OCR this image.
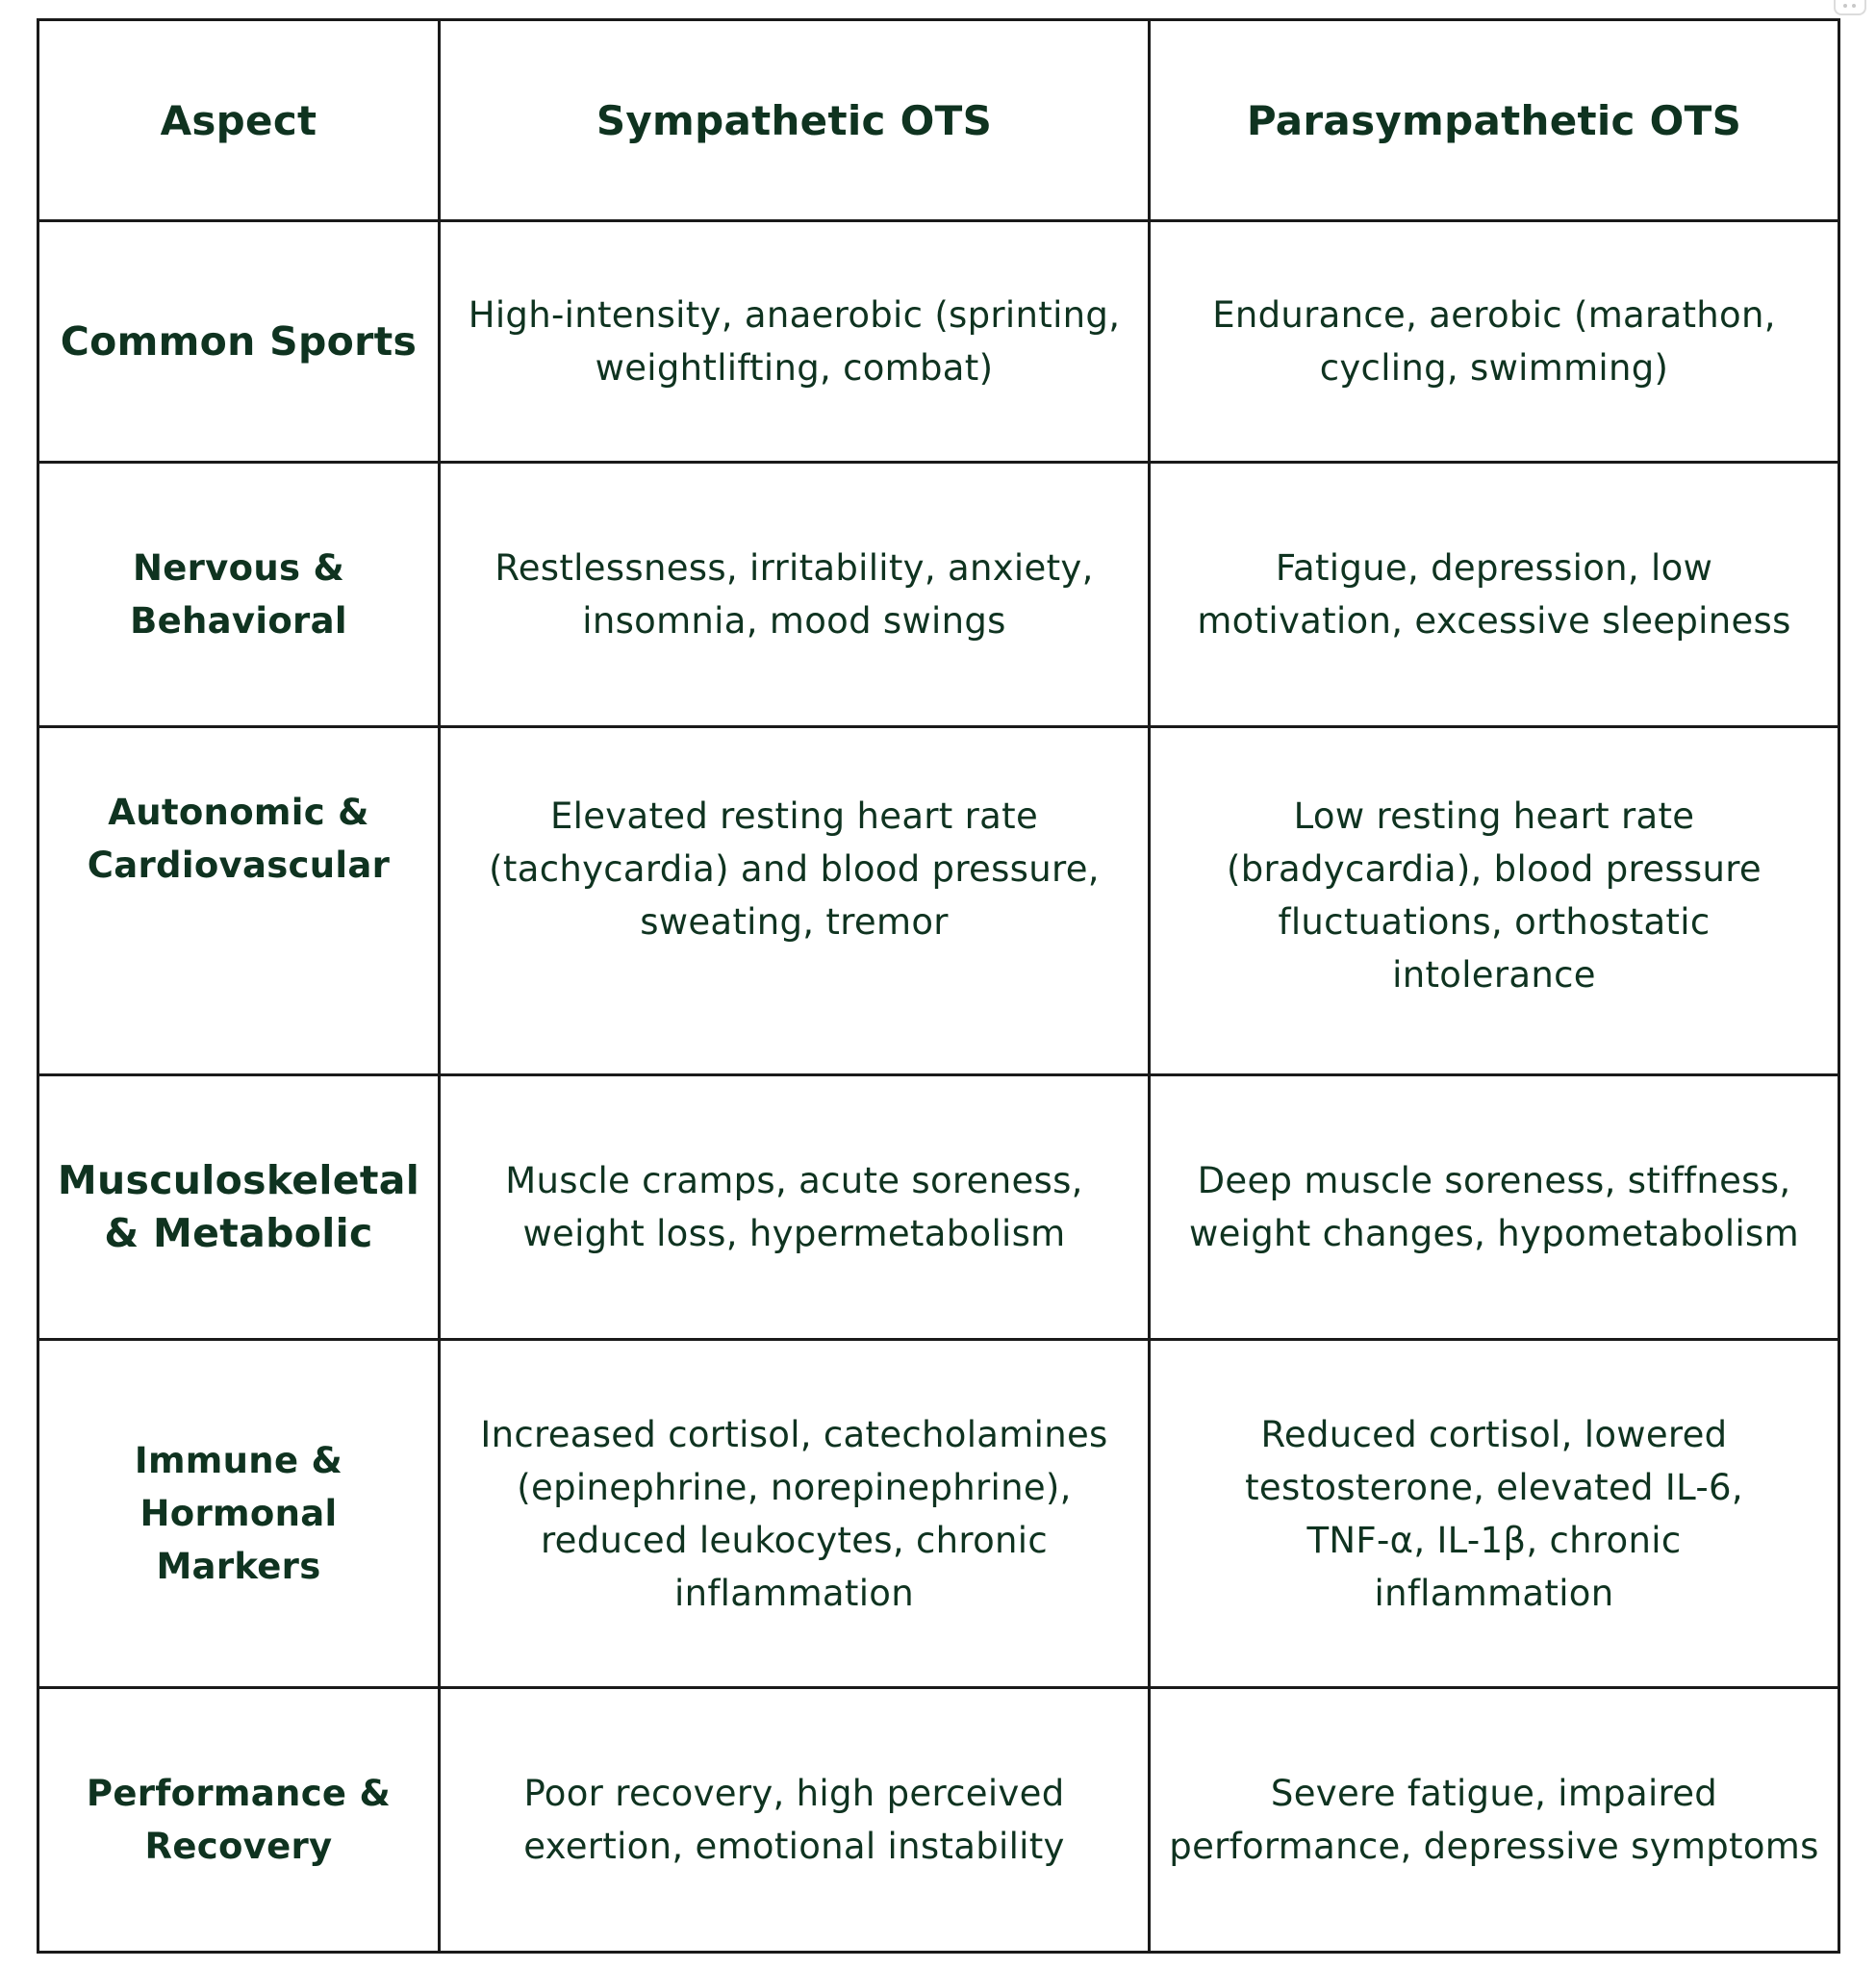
Aspect	Sympathetic OTS	Parasympathetic OTS
Common Sports	High-intensity, anaerobic (sprinting, weightlifting, combat)	Endurance, aerobic (marathon, cycling, swimming)
Nervous & Behavioral	Restlessness, irritability, anxiety, insomnia, mood swings	Fatigue, depression, low motivation, excessive sleepiness
Autonomic & Cardiovascular	Elevated resting heart rate (tachycardia) and blood pressure, sweating, tremor	Low resting heart rate (bradycardia), blood pressure fluctuations, orthostatic intolerance
Musculoskeletal & Metabolic	Muscle cramps, acute soreness, weight loss, hypermetabolism	Deep muscle soreness, stiffness, weight changes, hypometabolism
Immune & Hormonal Markers	Increased cortisol, catecholamines (epinephrine, norepinephrine), reduced leukocytes, chronic inflammation	Reduced cortisol, lowered testosterone, elevated IL-6, TNF-α, IL-1β, chronic inflammation
Performance & Recovery	Poor recovery, high perceived exertion, emotional instability	Severe fatigue, impaired performance, depressive symptoms
